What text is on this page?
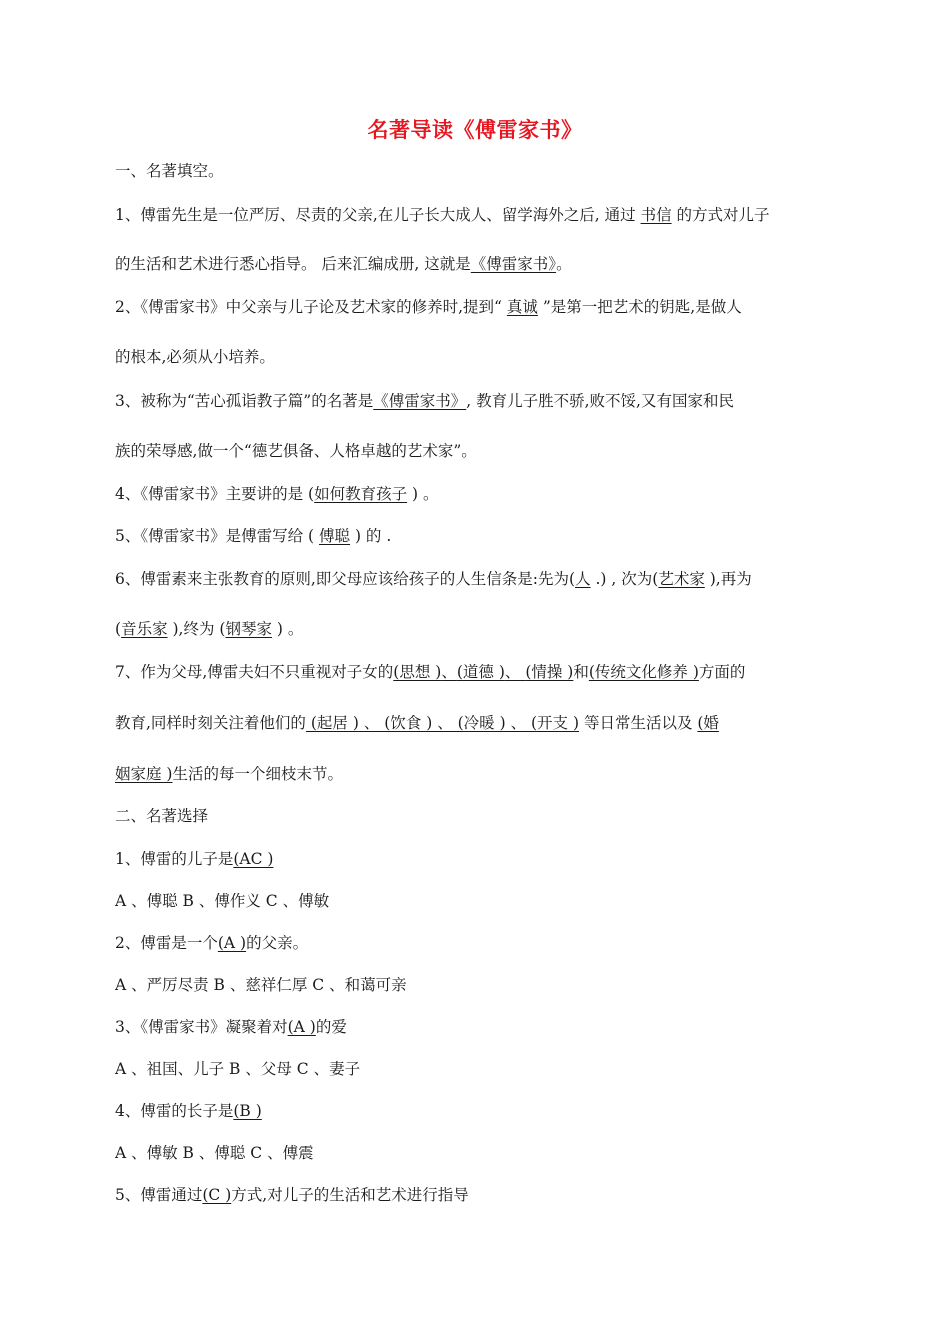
名著导读《傅雷家书》
一、名著填空。
1、傅雷先生是一位严厉、尽责的父亲,在儿子长大成人、留学海外之后, 通过 书信 的方式对儿子
的生活和艺术进行悉心指导。 后来汇编成册, 这就是《傅雷家书》。
2、《傅雷家书》中父亲与儿子论及艺术家的修养时,提到“ 真诚 ”是第一把艺术的钥匙,是做人
的根本,必须从小培养。
3、被称为“苦心孤诣教子篇”的名著是《傅雷家书》, 教育儿子胜不骄,败不馁,又有国家和民
族的荣辱感,做一个“德艺俱备、人格卓越的艺术家”。
4、《傅雷家书》主要讲的是 (如何教育孩子 ) 。
5、《傅雷家书》是傅雷写给 ( 傅聪 ) 的 .
6、傅雷素来主张教育的原则,即父母应该给孩子的人生信条是:先为(人 .) , 次为(艺术家 ),再为
(音乐家 ),终为 (钢琴家 ) 。
7、作为父母,傅雷夫妇不只重视对子女的(思想 )、(道德 )、 (情操 )和(传统文化修养 )方面的
教育,同样时刻关注着他们的 (起居 ) 、 (饮食 ) 、 (冷暖 ) 、 (开支 ) 等日常生活以及 (婚
姻家庭 )生活的每一个细枝末节。
二、名著选择
1、傅雷的儿子是(AC )
A 、傅聪 B 、傅作义 C 、傅敏
2、傅雷是一个(A )的父亲。
A 、严厉尽责 B 、慈祥仁厚 C 、和蔼可亲
3、《傅雷家书》凝聚着对(A )的爱
A 、祖国、儿子 B 、父母 C 、妻子
4、傅雷的长子是(B )
A 、傅敏 B 、傅聪 C 、傅震
5、傅雷通过(C )方式,对儿子的生活和艺术进行指导
